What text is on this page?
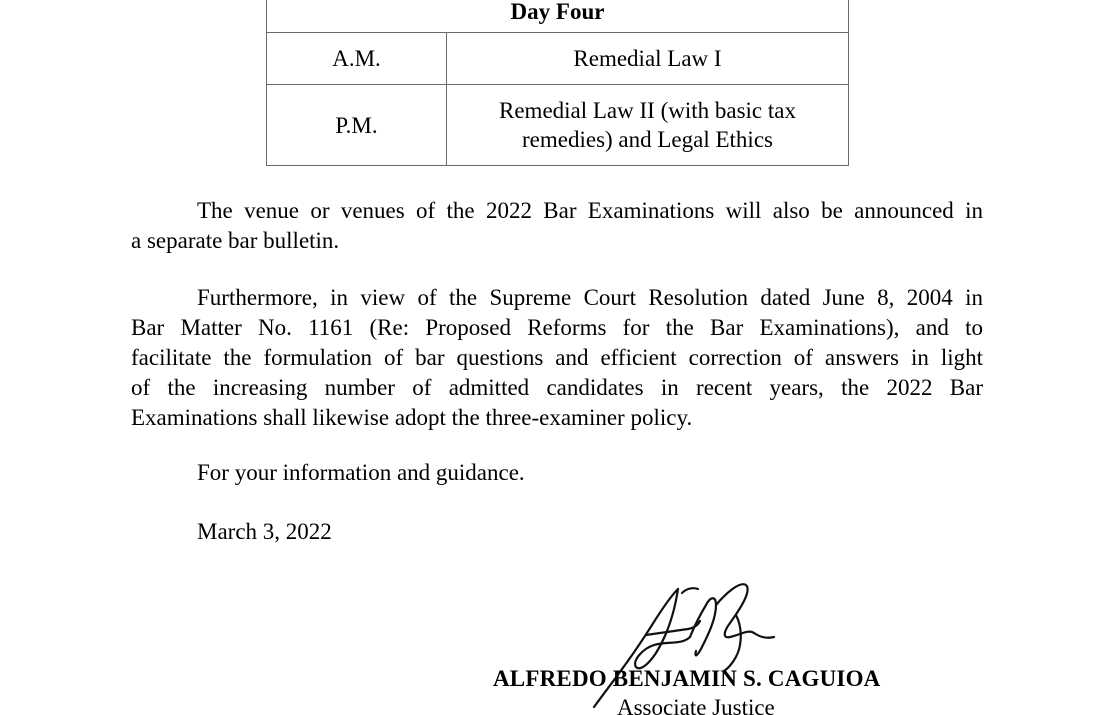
Day Four	
A.M.	Remedial Law I

P.M.	Remedial Law II (with basic tax
remedies) and Legal Ethics
The venue or venues of the 2022 Bar Examinations will also be announced in
a separate bar bulletin.
Furthermore, in view of the Supreme Court Resolution dated June 8, 2004 in
Bar Matter No. 1161 (Re: Proposed Reforms for the Bar Examinations), and to
facilitate the formulation of bar questions and efficient correction of answers in light
of the increasing number of admitted candidates in recent years, the 2022 Bar
Examinations shall likewise adopt the three-examiner policy.

For your information and guidance.

March 3, 2022

ALFREDO BENJAMIN S. CAGUIOA

Associate Justice
